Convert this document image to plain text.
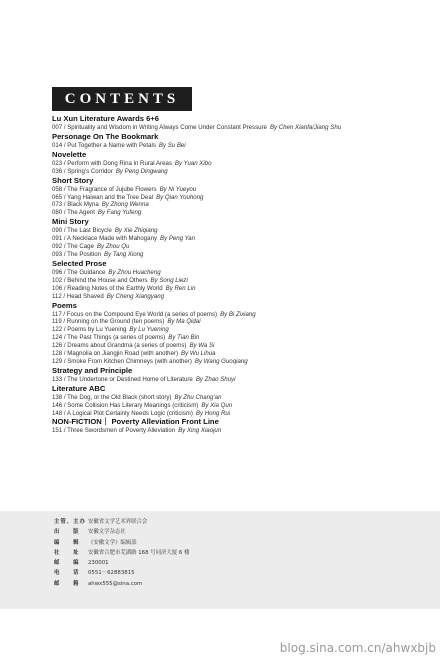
CONTENTS
Lu Xun Literature Awards 6+6
007 / Spirituality and Wisdom in Writing Always Come Under Constant Pressure By Chen Xianfa/Jiang Shu
Personage On The Bookmark
014 / Put Together a Name with Petals By Su Bei
Novelette
023 / Perform with Dong Rina in Rural Areas By Yuan Xibo
036 / Spring’s Corridor By Peng Dingwang
Short Story
058 / The Fragrance of Jujube Flowers By Ni Yueyou
065 / Yang Haiwan and the Tree Deal By Qian Youhong
073 / Black Myna By Zhong Wenna
080 / The Agent By Fang Yufeng
Mini Story
090 / The Last Bicycle By Xie Zhiqiang
091 / A Necklace Made with Mahogany By Peng Yan
092 / The Cage By Zhou Qu
093 / The Position By Tang Xiong
Selected Prose
096 / The Guidance By Zhou Huacheng
102 / Behind the House and Others By Song Liezi
106 / Reading Notes of the Earthly World By Ren Lin
112 / Head Shaved By Cheng Xiangyang
Poems
117 / Focus on the Compound Eye World (a series of poems) By Bi Zixiang
119 / Running on the Ground (ten poems) By Ma Qidai
122 / Poems by Lu Yuening By Lu Yuening
124 / The Past Things (a series of poems) By Tian Bin
126 / Dreams about Grandma (a series of poems) By Wa Si
128 / Magnolia on Jiangjin Road (with another) By Wu Lihua
129 / Smoke From Kitchen Chimneys (with another) By Wang Guoqiang
Strategy and Principle
133 / The Undertone or Destined Home of Literature By Zhao Shuyi
Literature ABC
138 / The Dog, or the Old Black (short story) By Zhu Chang’an
146 / Some Collision Has Literary Meanings (criticism) By Xia Qun
148 / A Logical Plot Certainly Needs Logic (criticism) By Hong Rui
NON-FICTION｜ Poverty Alleviation Front Line
151 / Three Swordsmen of Poverty Alleviation By Xing Xiaojun
主管、主办 安徽省文学艺术界联合会
出　　版 安徽文学杂志社
编　　辑 《安徽文学》编辑部
社　　址 安徽省合肥市芜湖路 168 号同济大厦 6 楼
邮　　编 230001
电　　话 0551－62883815
邮　　箱 ahwx555@sina.com
blog.sina.com.cn/ahwxbjb
